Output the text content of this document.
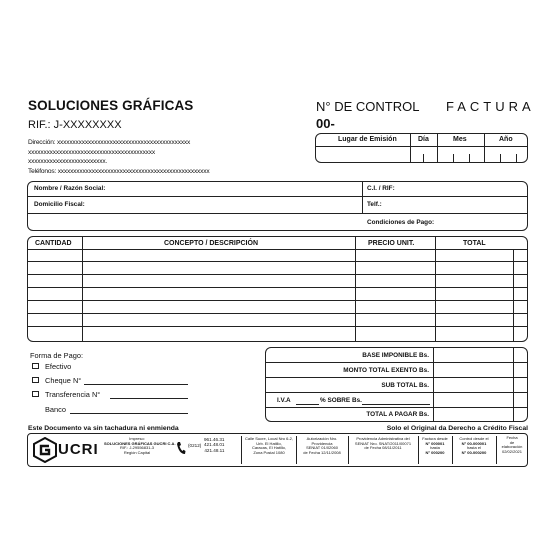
SOLUCIONES GRÁFICAS
RIF.: J-XXXXXXXX
Dirección: xxxxxxxxxxxxxxxxxxxxxxxxxxxxxxxxxxxxxxxxxxx
xxxxxxxxxxxxxxxxxxxxxxxxxxxxxxxxxxxxxxxxx
xxxxxxxxxxxxxxxxxxxxxxxxx.
Teléfonos: xxxxxxxxxxxxxxxxxxxxxxxxxxxxxxxxxxxxxxxxxxxxxxxxx
N° DE CONTROL FACTURA
00-
Lugar de Emisión	Día	Mes	Año
Nombre / Razón Social:	C.I. / RIF:
Domicilio Fiscal:	Telf.:
Condiciones de Pago:
CANTIDAD	CONCEPTO / DESCRIPCIÓN	PRECIO UNIT.	TOTAL
Forma de Pago:
Efectivo
Cheque N°
Transferencia N°
Banco
BASE IMPONIBLE Bs.
MONTO TOTAL EXENTO Bs.
SUB TOTAL Bs.
I.V.A	% SOBRE Bs.
TOTAL A PAGAR Bs.
Este Documento va sin tachadura ni enmienda	Solo el Original da Derecho a Crédito Fiscal
UCRI
Impreso:
SOLUCIONES GRÁFICAS GUCRI C.A.
RIF.: J-29556831-3
Región Capital
(0212)
961.46.31
421.48.01
421.48.11
Calle Sucre, Local Nro 6-2,
Urb. El Hatillo,
Caracas, El Hatillo,
Zona Postal 1080
Autorización Nro.
Providencia
SENIAT 01/02060
de Fecha 12/11/2008
Providencia Administrativa del
SENIAT Nro. SNAT/2011/00071
de Fecha 08/11/2011
Factura desde
N° 000001
hasta
N° 000200
Control desde el
N° 00-000001
hasta el
N° 00-000200
Fecha
de
elaboración
02/02/2021
